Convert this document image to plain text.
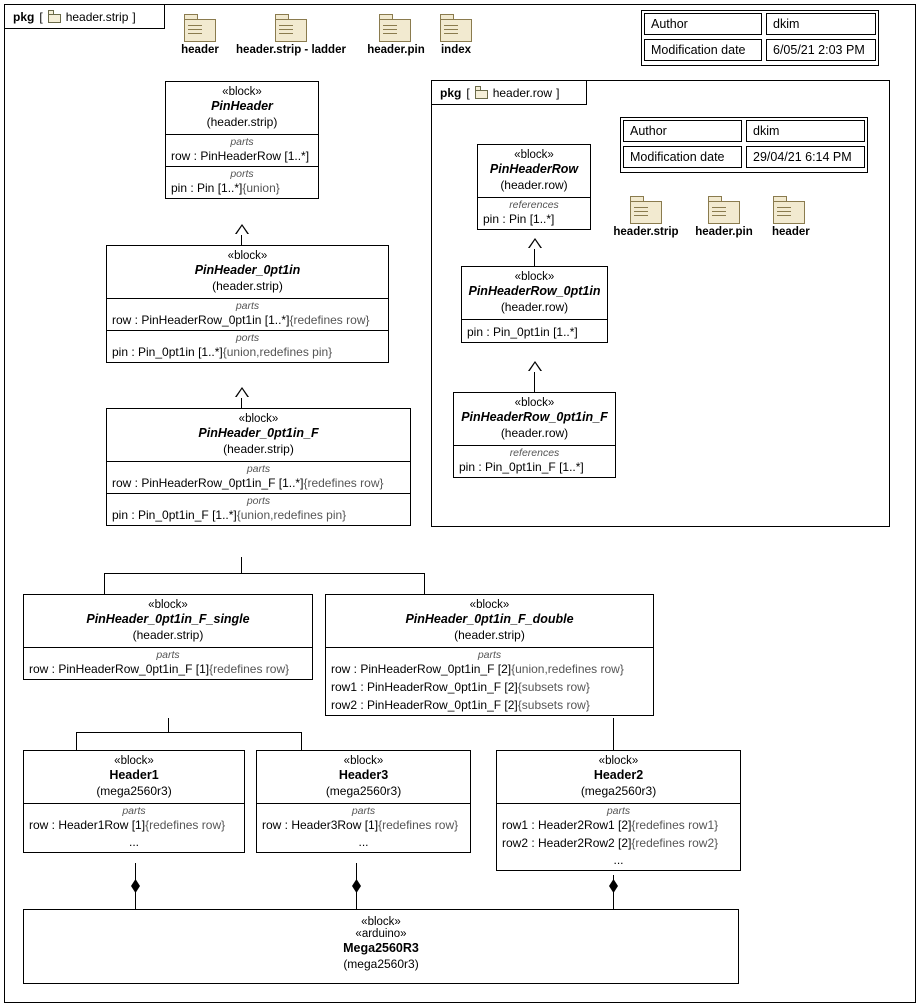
pkg [ header.strip ]
header	header.strip - ladder	header.pin	index
Author	dkim
Modification date	6/05/21 2:03 PM
pkg [ header.row ]
Author	dkim
Modification date	29/04/21 6:14 PM
header.strip header.pin header
«block»
PinHeader
(header.strip)
parts
row : PinHeaderRow [1..*]
ports
pin : Pin [1..*]{union}
«block»
PinHeader_0pt1in
(header.strip)
parts
row : PinHeaderRow_0pt1in [1..*]{redefines row}
ports
pin : Pin_0pt1in [1..*]{union,redefines pin}
«block»
PinHeader_0pt1in_F
(header.strip)
parts
row : PinHeaderRow_0pt1in_F [1..*]{redefines row}
ports
pin : Pin_0pt1in_F [1..*]{union,redefines pin}
«block»
PinHeader_0pt1in_F_single
(header.strip)
parts
row : PinHeaderRow_0pt1in_F [1]{redefines row}
«block»
PinHeader_0pt1in_F_double
(header.strip)
parts
row : PinHeaderRow_0pt1in_F [2]{union,redefines row}
row1 : PinHeaderRow_0pt1in_F [2]{subsets row}
row2 : PinHeaderRow_0pt1in_F [2]{subsets row}
«block»
PinHeaderRow
(header.row)
references
pin : Pin [1..*]
«block»
PinHeaderRow_0pt1in
(header.row)
pin : Pin_0pt1in [1..*]
«block»
PinHeaderRow_0pt1in_F
(header.row)
references
pin : Pin_0pt1in_F [1..*]
«block»
Header1
(mega2560r3)
parts
row : Header1Row [1]{redefines row}
...
«block»
Header3
(mega2560r3)
parts
row : Header3Row [1]{redefines row}
...
«block»
Header2
(mega2560r3)
parts
row1 : Header2Row1 [2]{redefines row1}
row2 : Header2Row2 [2]{redefines row2}
...
«block»
«arduino»
Mega2560R3
(mega2560r3)
